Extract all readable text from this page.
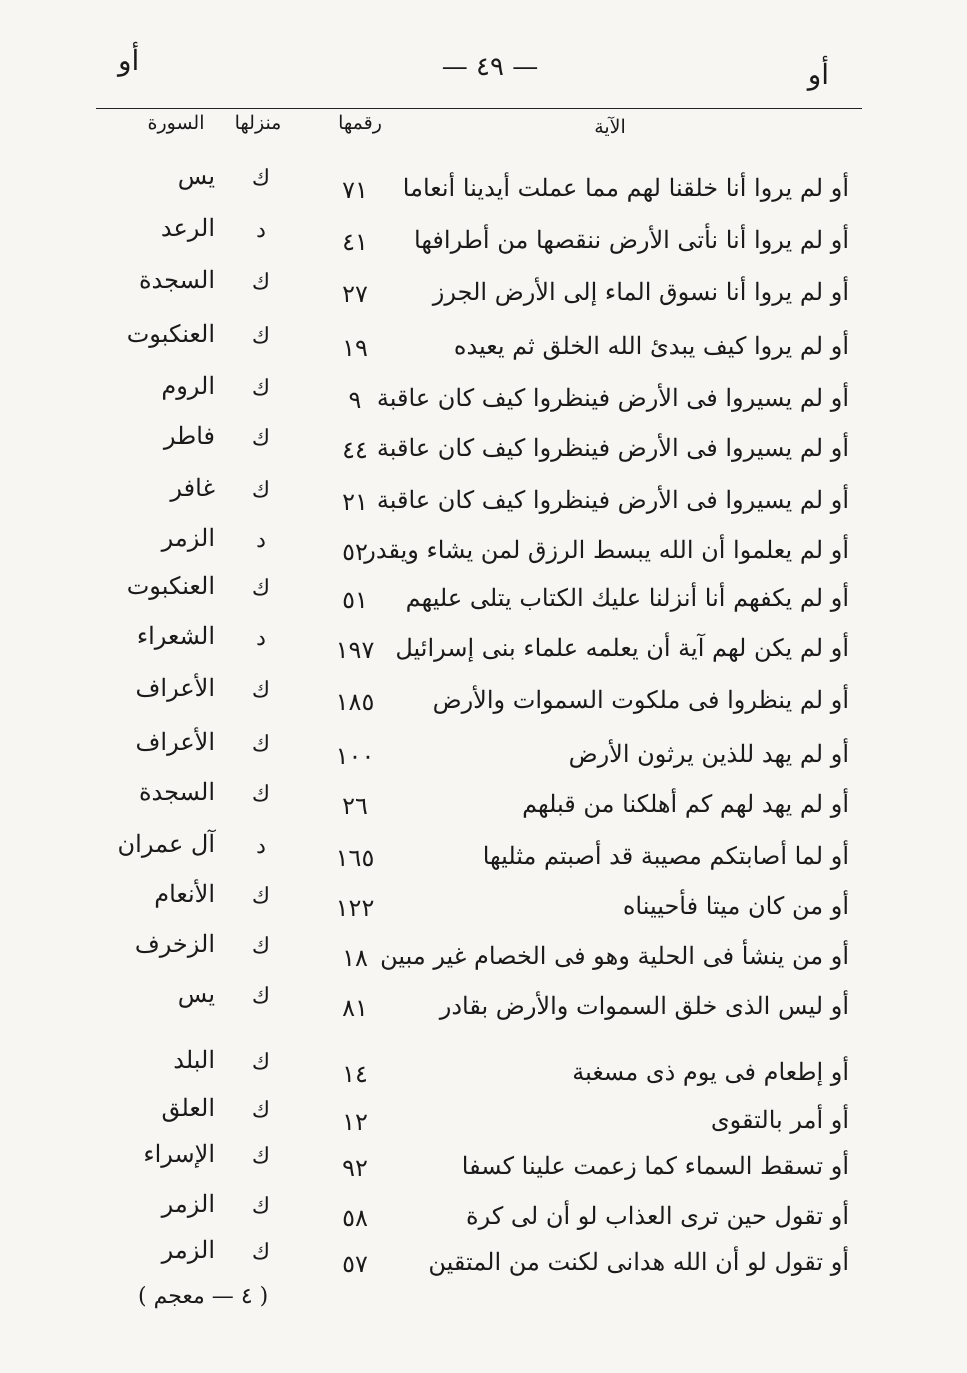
أو
— ٤٩ —
أو
الآية
رقمها
منزلها
السورة
أو لم يروا أنا خلقنا لهم مما عملت أيدينا أنعاما
٧١
ك
يس
أو لم يروا أنا نأتى الأرض ننقصها من أطرافها
٤١
د
الرعد
أو لم يروا أنا نسوق الماء إلى الأرض الجرز
٢٧
ك
السجدة
أو لم يروا كيف يبدئ الله الخلق ثم يعيده
١٩
ك
العنكبوت
أو لم يسيروا فى الأرض فينظروا كيف كان عاقبة
٩
ك
الروم
أو لم يسيروا فى الأرض فينظروا كيف كان عاقبة
٤٤
ك
فاطر
أو لم يسيروا فى الأرض فينظروا كيف كان عاقبة
٢١
ك
غافر
أو لم يعلموا أن الله يبسط الرزق لمن يشاء ويقدر
٥٢
د
الزمر
أو لم يكفهم أنا أنزلنا عليك الكتاب يتلى عليهم
٥١
ك
العنكبوت
أو لم يكن لهم آية أن يعلمه علماء بنى إسرائيل
١٩٧
د
الشعراء
أو لم ينظروا فى ملكوت السموات والأرض
١٨٥
ك
الأعراف
أو لم يهد للذين يرثون الأرض
١٠٠
ك
الأعراف
أو لم يهد لهم كم أهلكنا من قبلهم
٢٦
ك
السجدة
أو لما أصابتكم مصيبة قد أصبتم مثليها
١٦٥
د
آل عمران
أو من كان ميتا فأحييناه
١٢٢
ك
الأنعام
أو من ينشأ فى الحلية وهو فى الخصام غير مبين
١٨
ك
الزخرف
أو ليس الذى خلق السموات والأرض بقادر
٨١
ك
يس
أو إطعام فى يوم ذى مسغبة
١٤
ك
البلد
أو أمر بالتقوى
١٢
ك
العلق
أو تسقط السماء كما زعمت علينا كسفا
٩٢
ك
الإسراء
أو تقول حين ترى العذاب لو أن لى كرة
٥٨
ك
الزمر
أو تقول لو أن الله هدانى لكنت من المتقين
٥٧
ك
الزمر
( ٤ — معجم )
